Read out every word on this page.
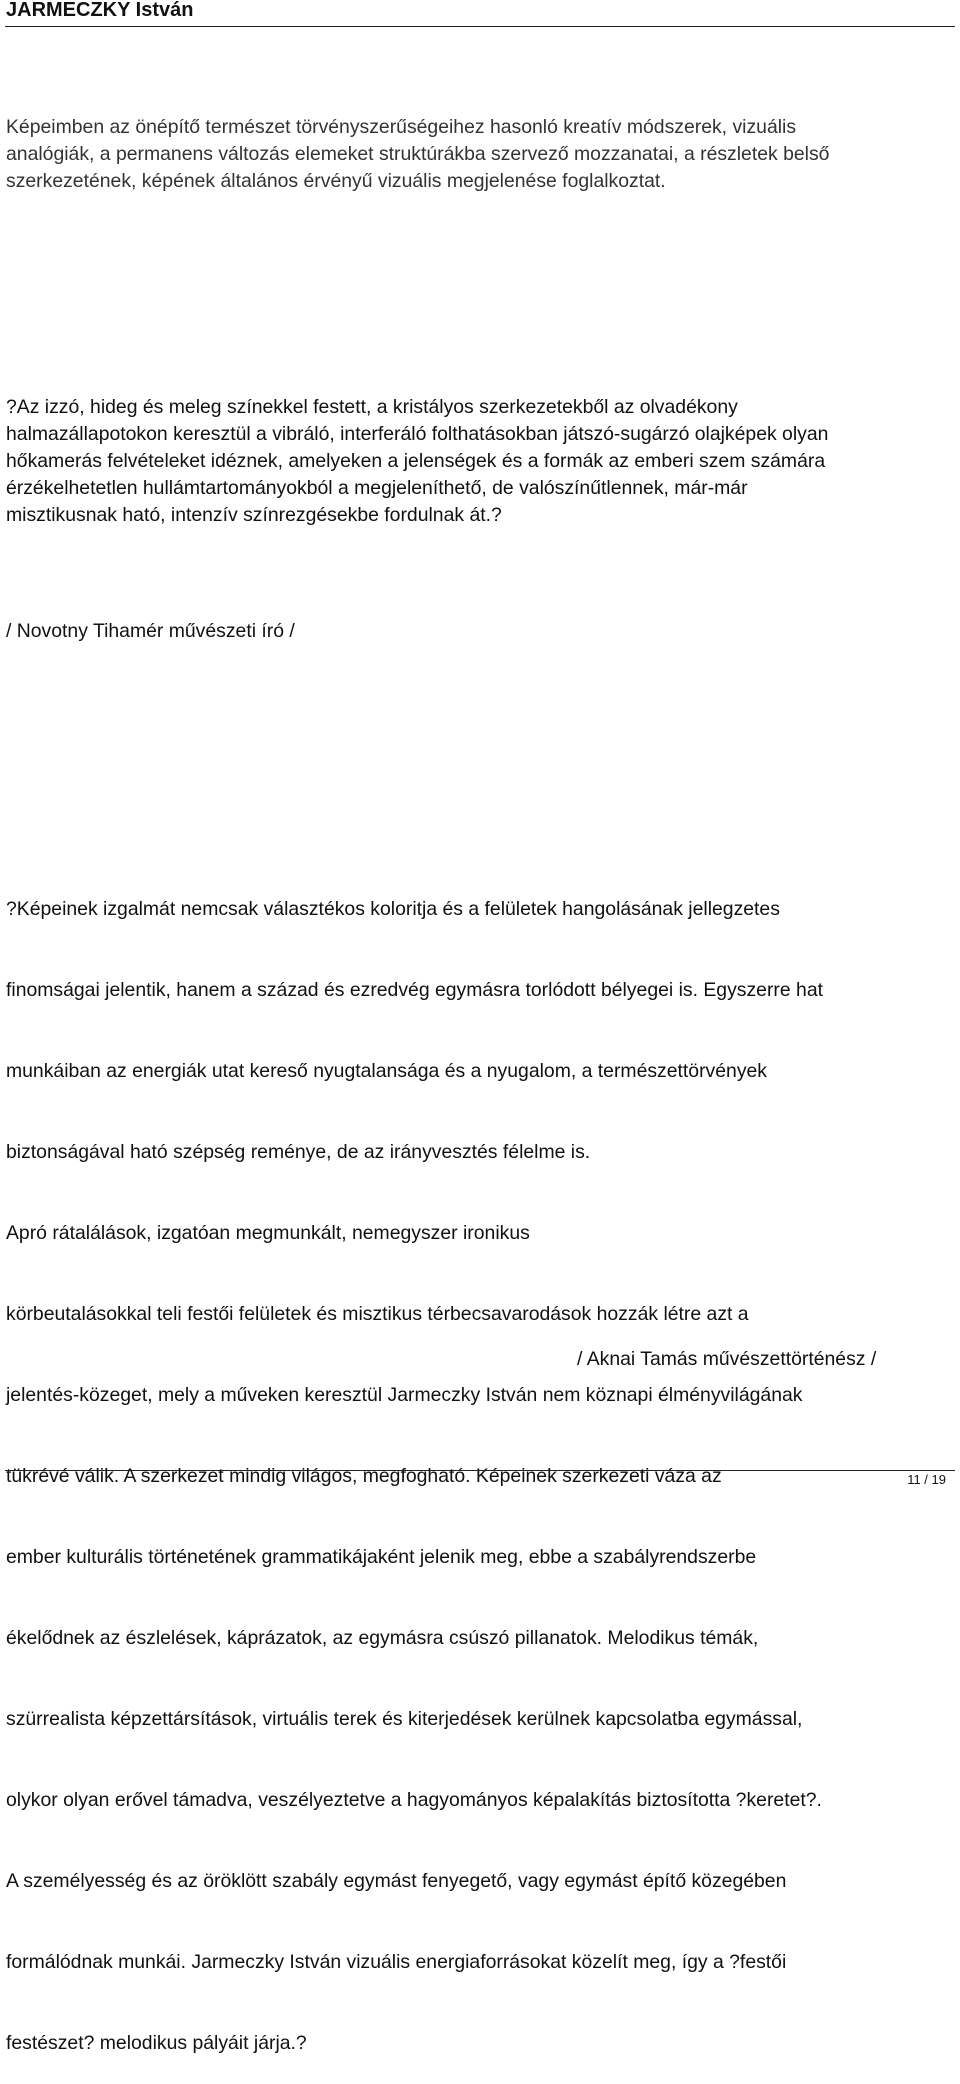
JARMECZKY István
Képeimben az önépítő természet törvényszerűségeihez hasonló kreatív módszerek, vizuális
analógiák, a permanens változás elemeket struktúrákba szervező mozzanatai, a részletek belső
szerkezetének, képének általános érvényű vizuális megjelenése foglalkoztat.
?Az izzó, hideg és meleg színekkel festett, a kristályos szerkezetekből az olvadékony
halmazállapotokon keresztül a vibráló, interferáló folthatásokban játszó-sugárzó olajképek olyan
hőkamerás felvételeket idéznek, amelyeken a jelenségek és a formák az emberi szem számára
érzékelhetetlen hullámtartományokból a megjeleníthető, de valószínűtlennek, már-már
misztikusnak ható, intenzív színrezgésekbe fordulnak át.?
/ Novotny Tihamér művészeti író /

?Képeinek izgalmát nemcsak választékos koloritja és a felületek hangolásának jellegzetes

finomságai jelentik, hanem a század és ezredvég egymásra torlódott bélyegei is. Egyszerre hat

munkáiban az energiák utat kereső nyugtalansága és a nyugalom, a természettörvények

biztonságával ható szépség reménye, de az irányvesztés félelme is.

Apró rátalálások, izgatóan megmunkált, nemegyszer ironikus

körbeutalásokkal teli festői felületek és misztikus térbecsavarodások hozzák létre azt a

jelentés-közeget, mely a műveken keresztül Jarmeczky István nem köznapi élményvilágának

tükrévé válik. A szerkezet mindig világos, megfogható. Képeinek szerkezeti váza az

ember kulturális történetének grammatikájaként jelenik meg, ebbe a szabályrendszerbe

ékelődnek az észlelések, káprázatok, az egymásra csúszó pillanatok. Melodikus témák,

szürrealista képzettársítások, virtuális terek és kiterjedések kerülnek kapcsolatba egymással,

olykor olyan erővel támadva, veszélyeztetve a hagyományos képalakítás biztosította ?keretet?.

A személyesség és az öröklött szabály egymást fenyegető, vagy egymást építő közegében

formálódnak munkái. Jarmeczky István vizuális energiaforrásokat közelít meg, így a ?festői

festészet? melodikus pályáit járja.?

/ Aknai Tamás művészettörténész /
11 / 19
